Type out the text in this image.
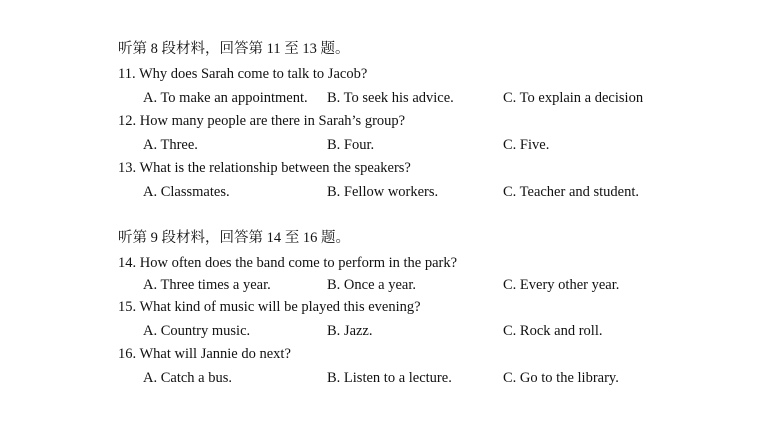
听第 8 段材料，回答第 11 至 13 题。
11. Why does Sarah come to talk to Jacob?
A. To make an appointment. B. To seek his advice.	C. To explain a decision
12. How many people are there in Sarah’s group?
A. Three.	B. Four.	C. Five.
13. What is the relationship between the speakers?
A. Classmates.	B. Fellow workers.	C. Teacher and student.
听第 9 段材料，回答第 14 至 16 题。
14. How often does the band come to perform in the park?
A. Three times a year.	B. Once a year.	C. Every other year.
15. What kind of music will be played this evening?
A. Country music.	B. Jazz.	C. Rock and roll.
16. What will Jannie do next?
A. Catch a bus.	B. Listen to a lecture.	C. Go to the library.
